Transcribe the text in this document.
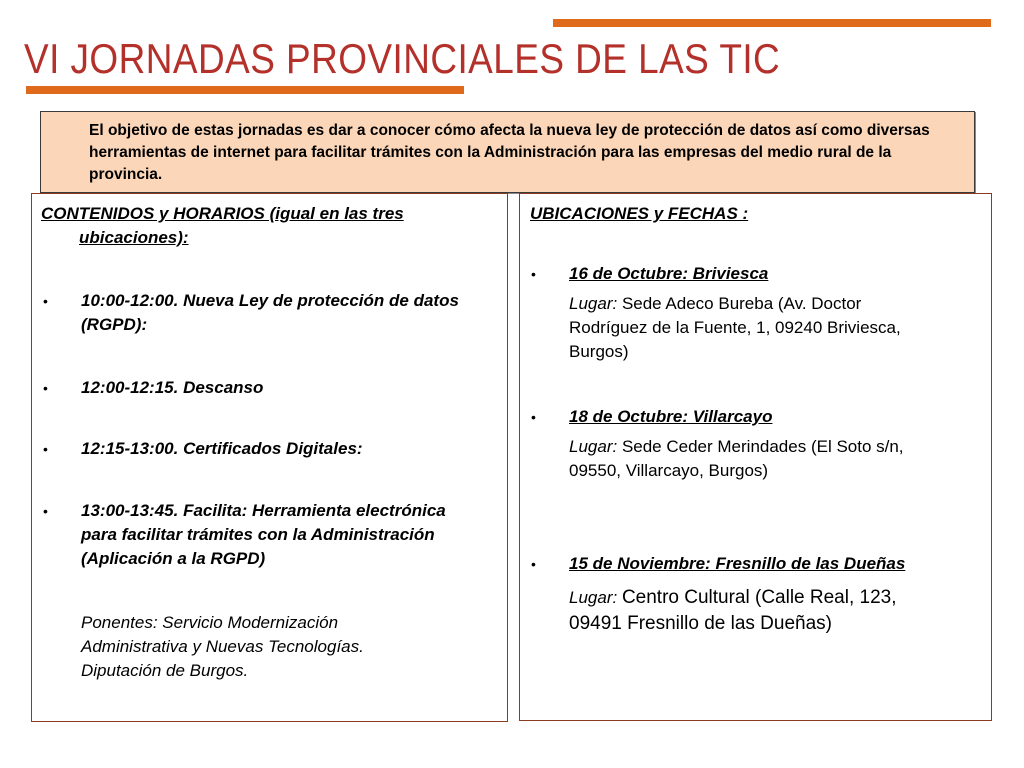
VI JORNADAS PROVINCIALES DE LAS TIC

El objetivo de estas jornadas es dar a conocer cómo afecta la nueva ley de protección de datos así como diversas herramientas de internet para facilitar trámites con la Administración para las empresas del medio rural de la provincia.

CONTENIDOS y HORARIOS (igual en las tres
ubicaciones):
• 10:00-12:00. Nueva Ley de protección de datos
(RGPD):
• 12:00-12:15. Descanso
• 12:15-13:00. Certificados Digitales:
• 13:00-13:45. Facilita: Herramienta electrónica
para facilitar trámites con la Administración
(Aplicación a la RGPD)
Ponentes: Servicio Modernización
Administrativa y Nuevas Tecnologías.
Diputación de Burgos.
UBICACIONES y FECHAS :
• 16 de Octubre: Briviesca
Lugar: Sede Adeco Bureba (Av. Doctor
Rodríguez de la Fuente, 1, 09240 Briviesca,
Burgos)
• 18 de Octubre: Villarcayo
Lugar: Sede Ceder Merindades (El Soto s/n,
09550, Villarcayo, Burgos)
• 15 de Noviembre: Fresnillo de las Dueñas
Lugar: Centro Cultural (Calle Real, 123,
09491 Fresnillo de las Dueñas)
